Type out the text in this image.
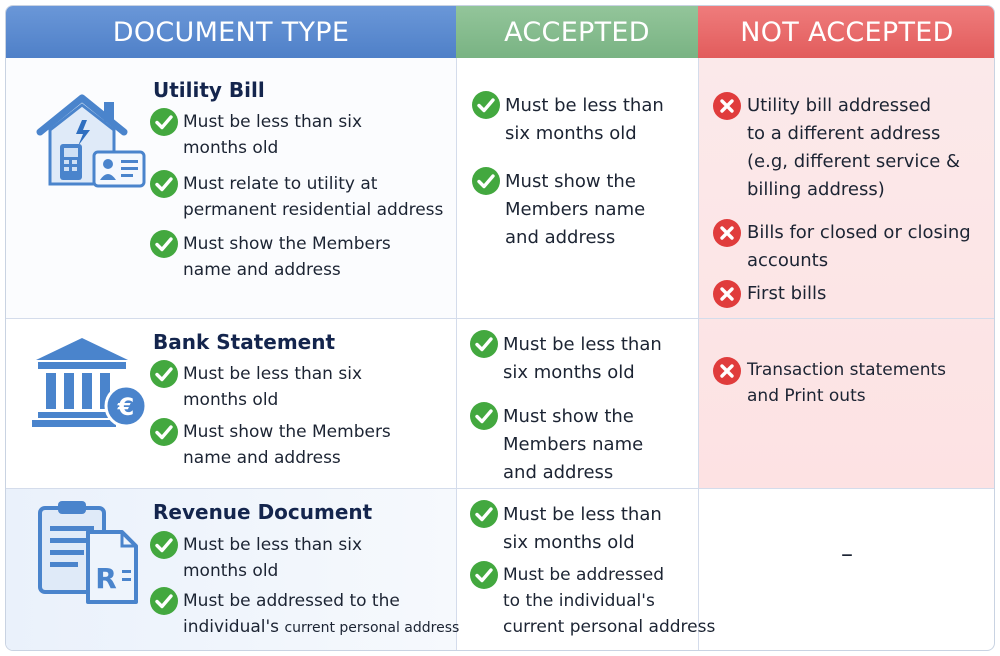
DOCUMENT TYPE	ACCEPTED	NOT ACCEPTED
Utility Bill
Must be less than six
months old
Must relate to utility at
permanent residential address
Must show the Members
name and address
Must be less than
six months old
Must show the
Members name
and address
Utility bill addressed
to a different address
(e.g, different service &
billing address)
Bills for closed or closing
accounts
First bills
€
Bank Statement
Must be less than six
months old
Must show the Members
name and address
Must be less than
six months old
Must show the
Members name
and address
Transaction statements
and Print outs
R
Revenue Document
Must be less than six
months old
Must be addressed to the
individual's current personal address
Must be less than
six months old
Must be addressed
to the individual's
current personal address
–
